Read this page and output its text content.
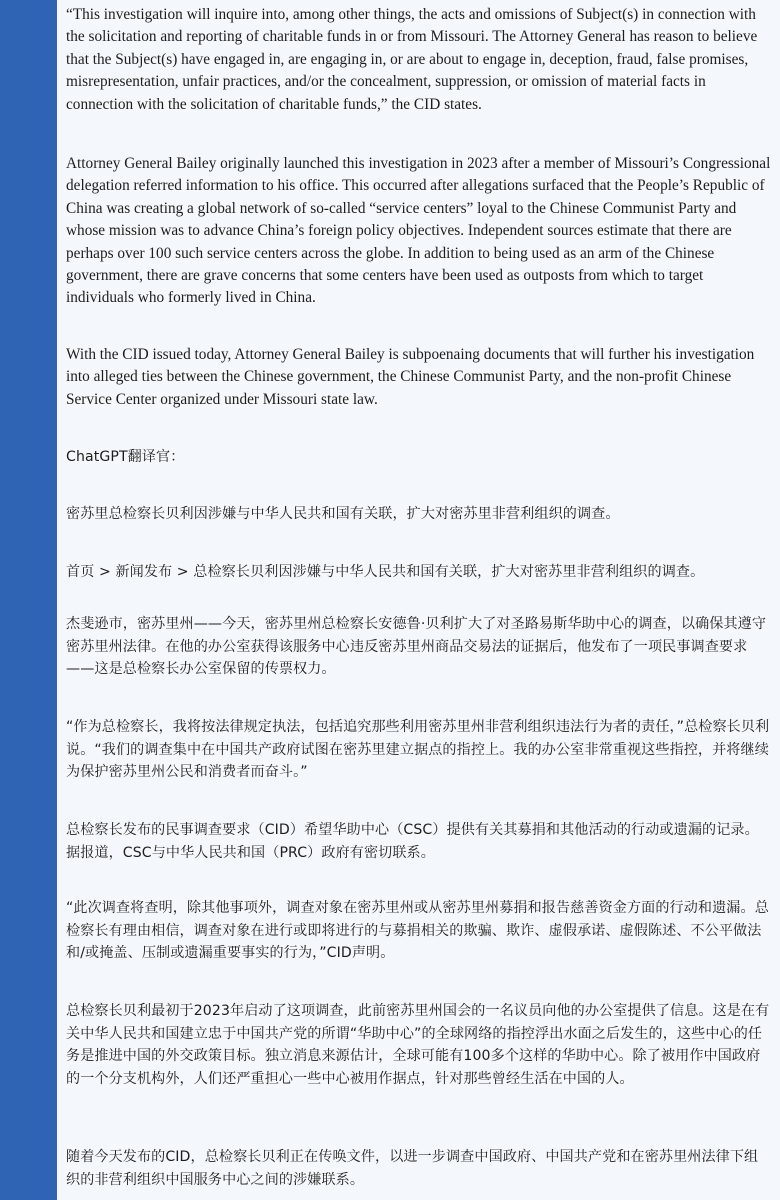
“This investigation will inquire into, among other things, the acts and omissions of Subject(s) in connection with the solicitation and reporting of charitable funds in or from Missouri. The Attorney General has reason to believe that the Subject(s) have engaged in, are engaging in, or are about to engage in, deception, fraud, false promises, misrepresentation, unfair practices, and/or the concealment, suppression, or omission of material facts in connection with the solicitation of charitable funds,” the CID states.

Attorney General Bailey originally launched this investigation in 2023 after a member of Missouri’s Congressional delegation referred information to his office. This occurred after allegations surfaced that the People’s Republic of China was creating a global network of so-called “service centers” loyal to the Chinese Communist Party and whose mission was to advance China’s foreign policy objectives. Independent sources estimate that there are perhaps over 100 such service centers across the globe. In addition to being used as an arm of the Chinese government, there are grave concerns that some centers have been used as outposts from which to target individuals who formerly lived in China.

With the CID issued today, Attorney General Bailey is subpoenaing documents that will further his investigation into alleged ties between the Chinese government, the Chinese Communist Party, and the non-profit Chinese Service Center organized under Missouri state law.

ChatGPT翻译官：

密苏里总检察长贝利因涉嫌与中华人民共和国有关联，扩大对密苏里非营利组织的调查。

首页 > 新闻发布 > 总检察长贝利因涉嫌与中华人民共和国有关联，扩大对密苏里非营利组织的调查。

杰斐逊市，密苏里州——今天，密苏里州总检察长安德鲁·贝利扩大了对圣路易斯华助中心的调查，以确保其遵守密苏里州法律。在他的办公室获得该服务中心违反密苏里州商品交易法的证据后，他发布了一项民事调查要求——这是总检察长办公室保留的传票权力。

“作为总检察长，我将按法律规定执法，包括追究那些利用密苏里州非营利组织违法行为者的责任，”总检察长贝利说。“我们的调查集中在中国共产政府试图在密苏里建立据点的指控上。我的办公室非常重视这些指控，并将继续为保护密苏里州公民和消费者而奋斗。”

总检察长发布的民事调查要求（CID）希望华助中心（CSC）提供有关其募捐和其他活动的行动或遗漏的记录。据报道，CSC与中华人民共和国（PRC）政府有密切联系。

“此次调查将查明，除其他事项外，调查对象在密苏里州或从密苏里州募捐和报告慈善资金方面的行动和遗漏。总检察长有理由相信，调查对象在进行或即将进行的与募捐相关的欺骗、欺诈、虚假承诺、虚假陈述、不公平做法和/或掩盖、压制或遗漏重要事实的行为，”CID声明。

总检察长贝利最初于2023年启动了这项调查，此前密苏里州国会的一名议员向他的办公室提供了信息。这是在有关中华人民共和国建立忠于中国共产党的所谓“华助中心”的全球网络的指控浮出水面之后发生的，这些中心的任务是推进中国的外交政策目标。独立消息来源估计，全球可能有100多个这样的华助中心。除了被用作中国政府的一个分支机构外，人们还严重担心一些中心被用作据点，针对那些曾经生活在中国的人。

随着今天发布的CID，总检察长贝利正在传唤文件，以进一步调查中国政府、中国共产党和在密苏里州法律下组织的非营利组织中国服务中心之间的涉嫌联系。
